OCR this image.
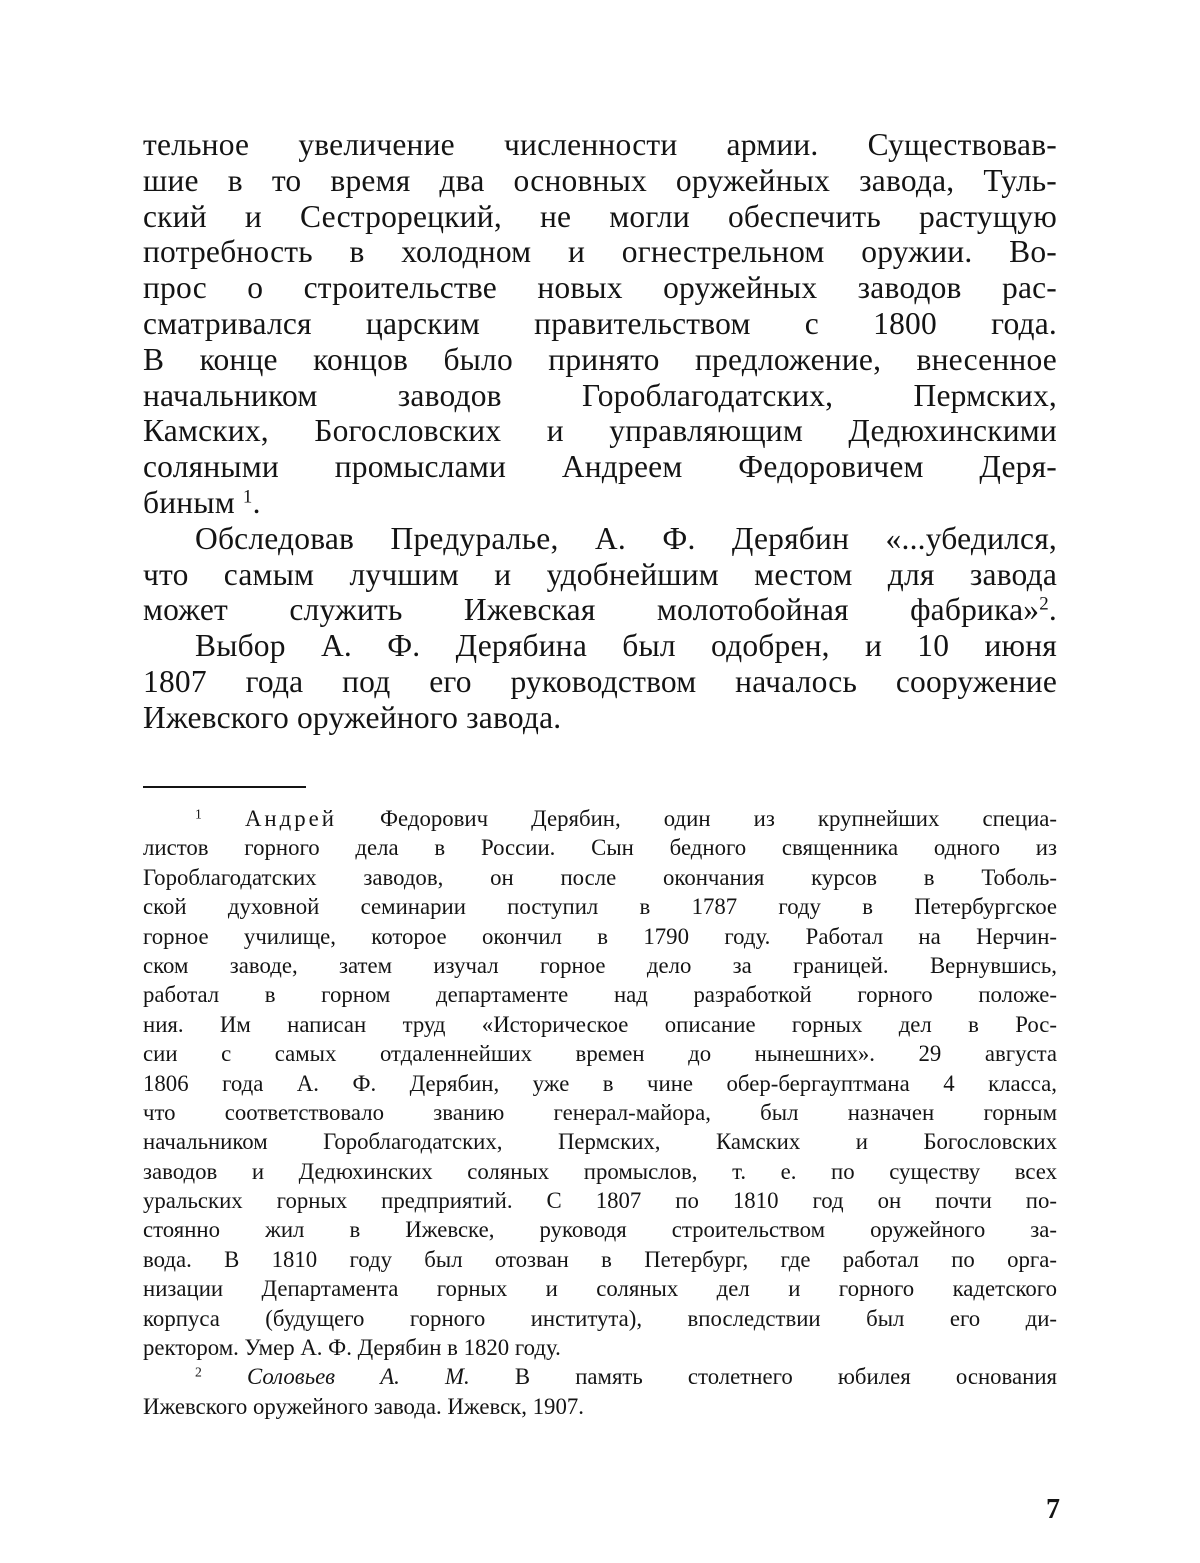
тельное увеличение численности армии. Существовав-
шие в то время два основных оружейных завода, Туль-
ский и Сестрорецкий, не могли обеспечить растущую
потребность в холодном и огнестрельном оружии. Во-
прос о строительстве новых оружейных заводов рас-
сматривался царским правительством с 1800 года.
В конце концов было принято предложение, внесенное
начальником заводов Гороблагодатских, Пермских,
Камских, Богословских и управляющим Дедюхинскими
соляными промыслами Андреем Федоровичем Деря-
биным $^1$.
Обследовав Предуралье, А. Ф. Дерябин «...убедился,
что самым лучшим и удобнейшим местом для завода
может служить Ижевская молотобойная фабрика»$^2$.
Выбор А. Ф. Дерябина был одобрен, и 10 июня
1807 года под его руководством началось сооружение
Ижевского оружейного завода.
$^1$ Андрей Федорович Дерябин, один из крупнейших специа-
листов горного дела в России. Сын бедного священника одного из
Гороблагодатских заводов, он после окончания курсов в Тоболь-
ской духовной семинарии поступил в 1787 году в Петербургское
горное училище, которое окончил в 1790 году. Работал на Нерчин-
ском заводе, затем изучал горное дело за границей. Вернувшись,
работал в горном департаменте над разработкой горного положе-
ния. Им написан труд «Историческое описание горных дел в Рос-
сии с самых отдаленнейших времен до нынешних». 29 августа
1806 года А. Ф. Дерябин, уже в чине обер-бергауптмана 4 класса,
что соответствовало званию генерал-майора, был назначен горным
начальником Гороблагодатских, Пермских, Камских и Богословских
заводов и Дедюхинских соляных промыслов, т. е. по существу всех
уральских горных предприятий. С 1807 по 1810 год он почти по-
стоянно жил в Ижевске, руководя строительством оружейного за-
вода. В 1810 году был отозван в Петербург, где работал по орга-
низации Департамента горных и соляных дел и горного кадетского
корпуса (будущего горного института), впоследствии был его ди-
ректором. Умер А. Ф. Дерябин в 1820 году.
$^2$ Соловьев А. М. В память столетнего юбилея основания
Ижевского оружейного завода. Ижевск, 1907.
7
